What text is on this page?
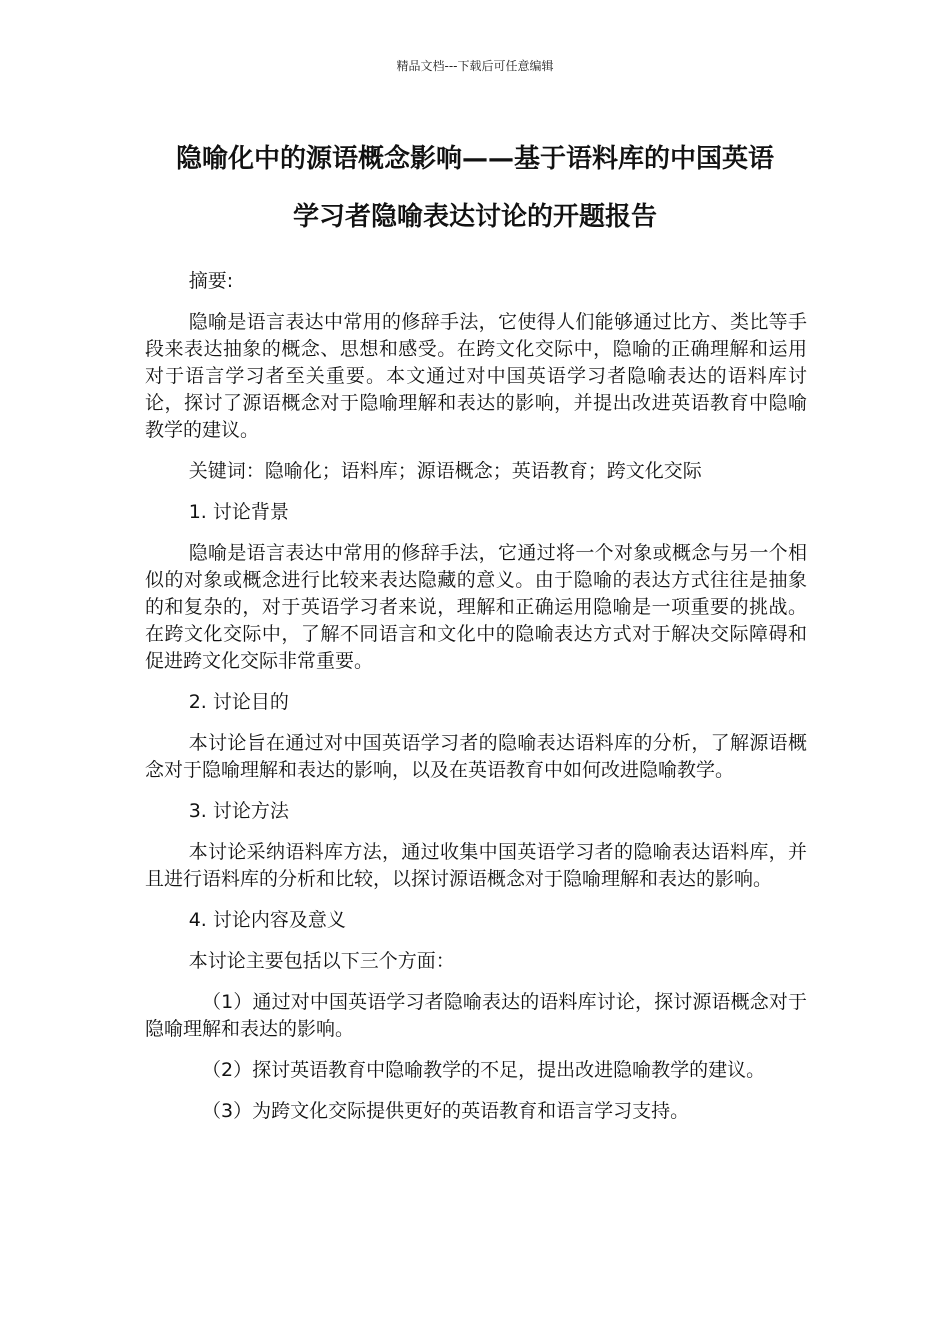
精品文档---下载后可任意编辑
隐喻化中的源语概念影响——基于语料库的中国英语
学习者隐喻表达讨论的开题报告

摘要:

隐喻是语言表达中常用的修辞手法，它使得人们能够通过比方、类比等手段来表达抽象的概念、思想和感受。在跨文化交际中，隐喻的正确理解和运用对于语言学习者至关重要。本文通过对中国英语学习者隐喻表达的语料库讨论，探讨了源语概念对于隐喻理解和表达的影响，并提出改进英语教育中隐喻教学的建议。

关键词：隐喻化；语料库；源语概念；英语教育；跨文化交际

1. 讨论背景

隐喻是语言表达中常用的修辞手法，它通过将一个对象或概念与另一个相似的对象或概念进行比较来表达隐藏的意义。由于隐喻的表达方式往往是抽象的和复杂的，对于英语学习者来说，理解和正确运用隐喻是一项重要的挑战。在跨文化交际中，了解不同语言和文化中的隐喻表达方式对于解决交际障碍和促进跨文化交际非常重要。

2. 讨论目的

本讨论旨在通过对中国英语学习者的隐喻表达语料库的分析，了解源语概念对于隐喻理解和表达的影响，以及在英语教育中如何改进隐喻教学。

3. 讨论方法

本讨论采纳语料库方法，通过收集中国英语学习者的隐喻表达语料库，并且进行语料库的分析和比较，以探讨源语概念对于隐喻理解和表达的影响。

4. 讨论内容及意义

本讨论主要包括以下三个方面：

（1）通过对中国英语学习者隐喻表达的语料库讨论，探讨源语概念对于隐喻理解和表达的影响。

（2）探讨英语教育中隐喻教学的不足，提出改进隐喻教学的建议。

（3）为跨文化交际提供更好的英语教育和语言学习支持。
